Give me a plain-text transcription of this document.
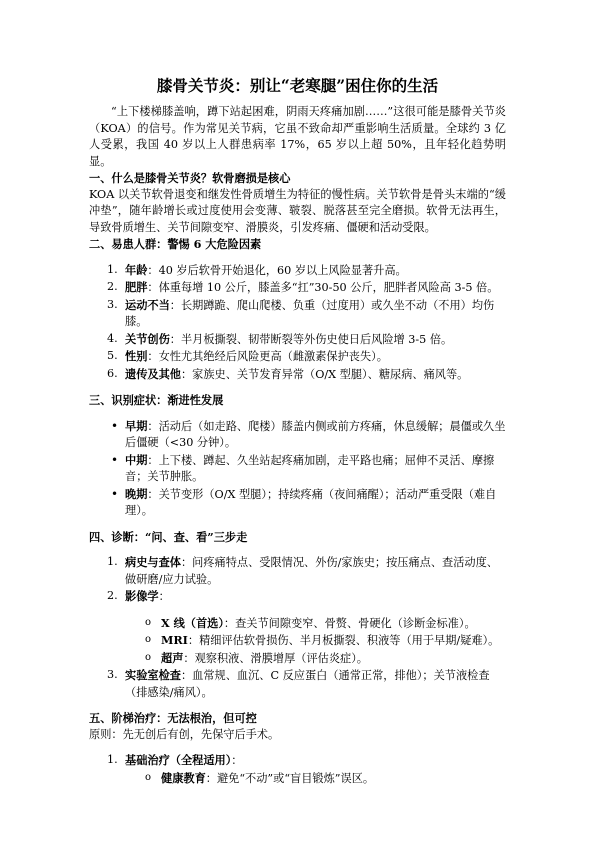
膝骨关节炎：别让“老寒腿”困住你的生活

“上下楼梯膝盖响，蹲下站起困难，阴雨天疼痛加剧……”这很可能是膝骨关节炎（KOA）的信号。作为常见关节病，它虽不致命却严重影响生活质量。全球约 3 亿人受累，我国 40 岁以上人群患病率 17%，65 岁以上超 50%，且年轻化趋势明显。

一、什么是膝骨关节炎？软骨磨损是核心

KOA 以关节软骨退变和继发性骨质增生为特征的慢性病。关节软骨是骨头末端的“缓冲垫”，随年龄增长或过度使用会变薄、皲裂、脱落甚至完全磨损。软骨无法再生，导致骨质增生、关节间隙变窄、滑膜炎，引发疼痛、僵硬和活动受限。

二、易患人群：警惕 6 大危险因素
1. 年龄：40 岁后软骨开始退化，60 岁以上风险显著升高。
2. 肥胖：体重每增 10 公斤，膝盖多“扛”30-50 公斤，肥胖者风险高 3-5 倍。
3. 运动不当：长期蹲跪、爬山爬楼、负重（过度用）或久坐不动（不用）均伤膝。
4. 关节创伤：半月板撕裂、韧带断裂等外伤史使日后风险增 3-5 倍。
5. 性别：女性尤其绝经后风险更高（雌激素保护丧失）。
6. 遗传及其他：家族史、关节发育异常（O/X 型腿）、糖尿病、痛风等。
三、识别症状：渐进性发展
• 早期：活动后（如走路、爬楼）膝盖内侧或前方疼痛，休息缓解；晨僵或久坐后僵硬（<30 分钟）。
• 中期：上下楼、蹲起、久坐站起疼痛加剧，走平路也痛；屈伸不灵活、摩擦音；关节肿胀。
• 晚期：关节变形（O/X 型腿）；持续疼痛（夜间痛醒）；活动严重受限（难自理）。
四、诊断：“问、查、看”三步走
1. 病史与查体：问疼痛特点、受限情况、外伤/家族史；按压痛点、查活动度、做研磨/应力试验。
2. 影像学：
o X 线（首选）：查关节间隙变窄、骨赘、骨硬化（诊断金标准）。
o MRI：精细评估软骨损伤、半月板撕裂、积液等（用于早期/疑难）。
o 超声：观察积液、滑膜增厚（评估炎症）。
3. 实验室检查：血常规、血沉、C 反应蛋白（通常正常，排他）；关节液检查（排感染/痛风）。
五、阶梯治疗：无法根治，但可控

原则：先无创后有创，先保守后手术。

1. 基础治疗（全程适用）：
o 健康教育：避免“不动”或“盲目锻炼”误区。
